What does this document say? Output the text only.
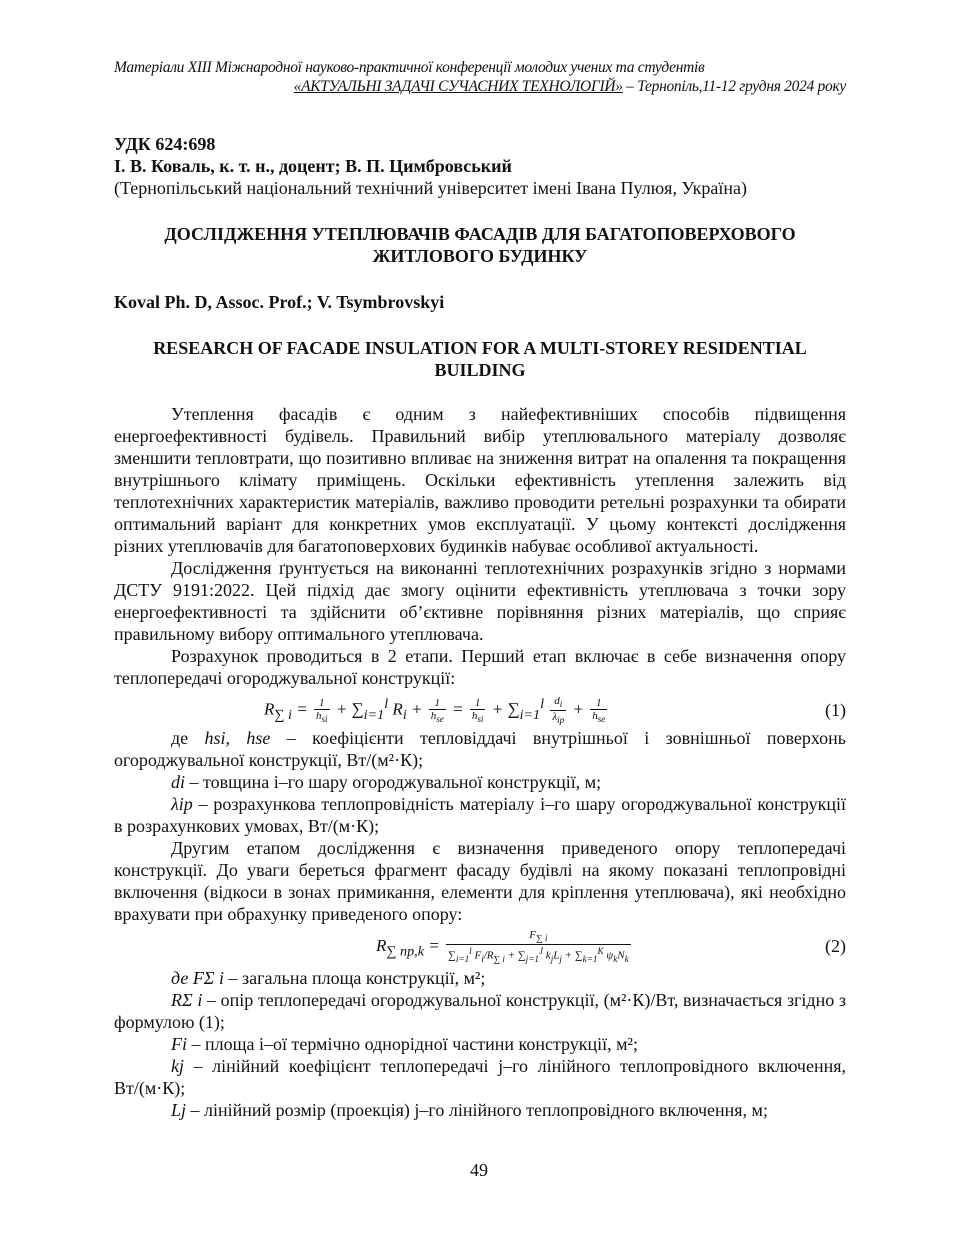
Матеріали XIII Міжнародної науково-практичної конференції молодих учених та студентів
«АКТУАЛЬНІ ЗАДАЧІ СУЧАСНИХ ТЕХНОЛОГІЙ» – Тернопіль,11-12 грудня 2024 року
УДК 624:698
І. В. Коваль, к. т. н., доцент; В. П. Цимбровський
(Тернопільський національний технічний університет імені Івана Пулюя, Україна)
ДОСЛІДЖЕННЯ УТЕПЛЮВАЧІВ ФАСАДІВ ДЛЯ БАГАТОПОВЕРХОВОГО ЖИТЛОВОГО БУДИНКУ
Koval Ph. D, Assoc. Prof.; V. Tsymbrovskyi
RESEARCH OF FACADE INSULATION FOR A MULTI-STOREY RESIDENTIAL BUILDING

Утеплення фасадів є одним з найефективніших способів підвищення енергоефективності будівель. Правильний вибір утеплювального матеріалу дозволяє зменшити тепловтрати, що позитивно впливає на зниження витрат на опалення та покращення внутрішнього клімату приміщень. Оскільки ефективність утеплення залежить від теплотехнічних характеристик матеріалів, важливо проводити ретельні розрахунки та обирати оптимальний варіант для конкретних умов експлуатації. У цьому контексті дослідження різних утеплювачів для багатоповерхових будинків набуває особливої актуальності.

Дослідження ґрунтується на виконанні теплотехнічних розрахунків згідно з нормами ДСТУ 9191:2022. Цей підхід дає змогу оцінити ефективність утеплювача з точки зору енергоефективності та здійснити об’єктивне порівняння різних матеріалів, що сприяє правильному вибору оптимального утеплювача.

Розрахунок проводиться в 2 етапи. Перший етап включає в себе визначення опору теплопередачі огороджувальної конструкції:

$R_{\sum i} = \frac{1}{h_{si}} + \sum_{i=1}^l$ $R_i + \frac{1}{h_{se}} = \frac{1}{h_{si}} + \sum_{i=1}^l \frac{d_i}{\lambda_{ip}} + \frac{1}{h_{se}}$	(1)

де hsi, hse – коефіцієнти тепловіддачі внутрішньої і зовнішньої поверхонь огороджувальної конструкції, Вт/(м²·К);

di – товщина i–го шару огороджувальної конструкції, м;

λip – розрахункова теплопровідність матеріалу i–го шару огороджувальної конструкції в розрахункових умовах, Вт/(м·К);

Другим етапом дослідження є визначення приведеного опору теплопередачі конструкції. До уваги береться фрагмент фасаду будівлі на якому показані теплопровідні включення (відкоси в зонах примикання, елементи для кріплення утеплювача), які необхідно врахувати при обрахунку приведеного опору:

$R_{\sum пр,k} = \frac{F_{\sum i}}{\sum_{i=1}^l F_i/R_{\sum i} + \sum_{j=1}^J k_jL_j + \sum_{k=1}^K \psi_kN_k}$	(2)

де FΣ i – загальна площа конструкції, м²;

RΣ i – опір теплопередачі огороджувальної конструкції, (м²·К)/Вт, визначається згідно з формулою (1);

Fi – площа i–ої термічно однорідної частини конструкції, м²;

kj – лінійний коефіцієнт теплопередачі j–го лінійного теплопровідного включення, Вт/(м·К);

Lj – лінійний розмір (проекція) j–го лінійного теплопровідного включення, м;

49
